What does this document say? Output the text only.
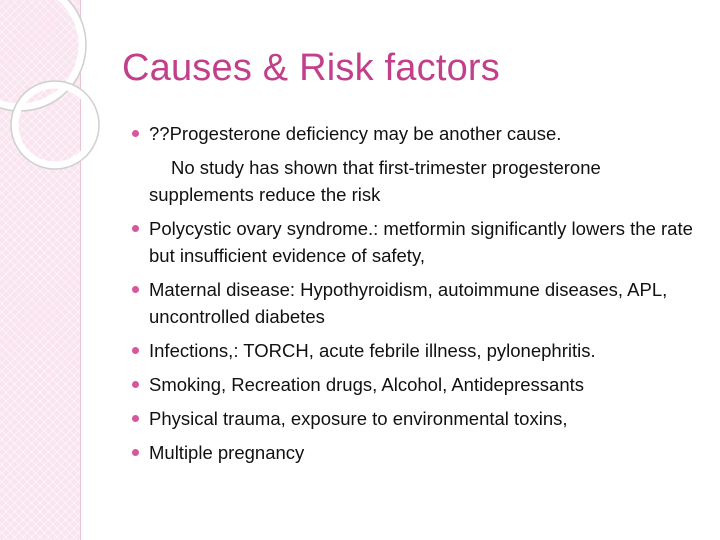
Causes & Risk factors
??Progesterone deficiency may be another cause.
No study has shown that first-trimester progesterone supplements reduce the risk
Polycystic ovary syndrome.: metformin significantly lowers the rate but insufficient evidence of safety,
Maternal disease: Hypothyroidism, autoimmune diseases, APL, uncontrolled diabetes
Infections,: TORCH, acute febrile illness, pylonephritis.
Smoking, Recreation drugs, Alcohol, Antidepressants
Physical trauma, exposure to environmental toxins,
Multiple pregnancy
